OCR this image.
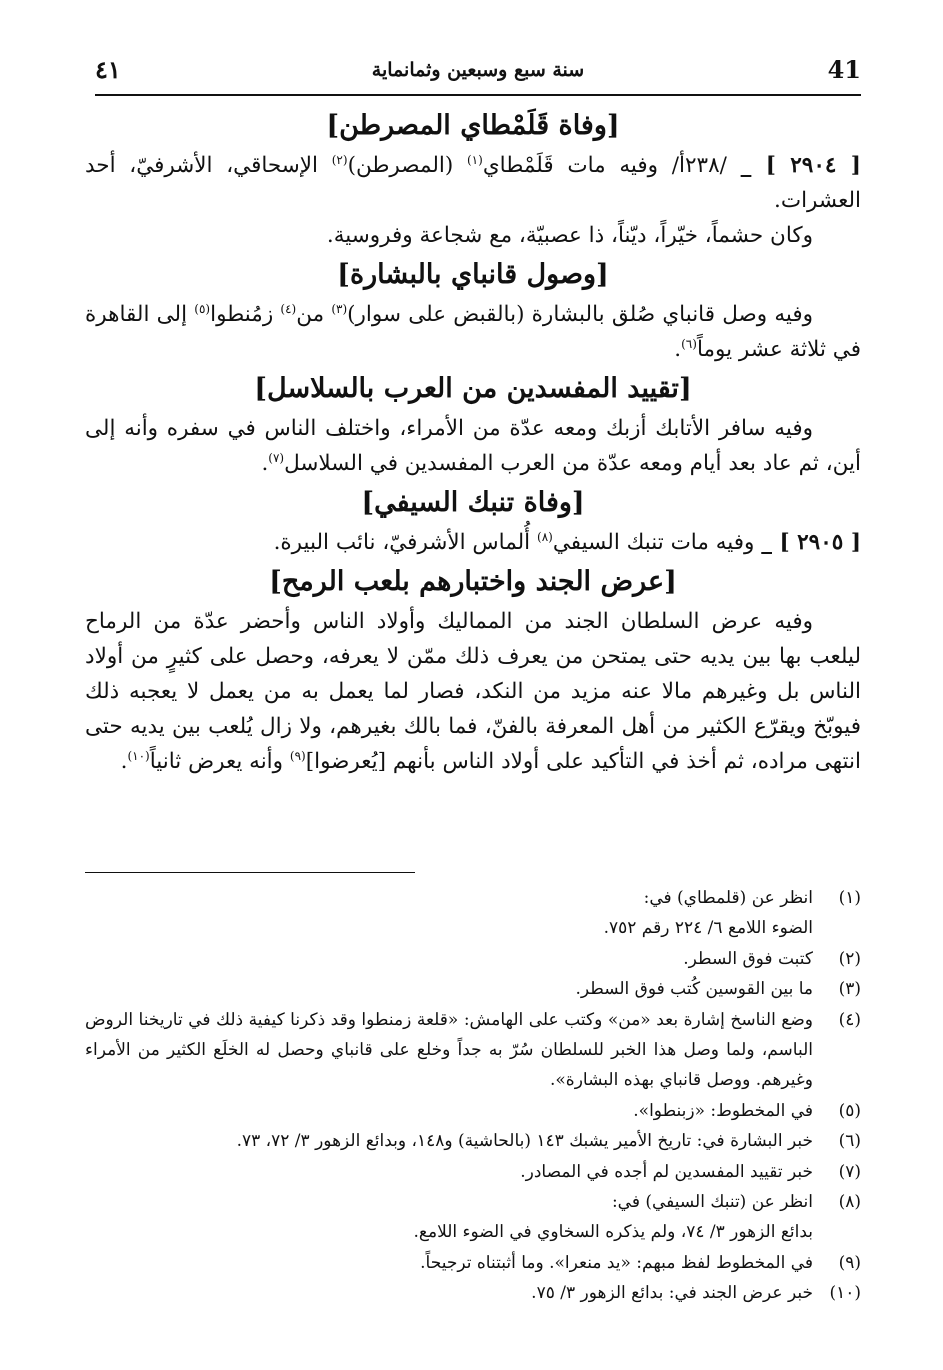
41
سنة سبع وسبعين وثمانماية
٤١
[وفاة قَلَمْطاي المصرطن]

[ ٢٩٠٤ ] _ /٢٣٨أ/ وفيه مات قَلَمْطاي$^{(١)}$ (المصرطن)$^{(٢)}$ الإسحاقي، الأشرفيّ، أحد العشرات.

وكان حشماً، خيّراً، ديّناً، ذا عصبيّة، مع شجاعة وفروسية.

[وصول قانباي بالبشارة]

وفيه وصل قانباي صُلق بالبشارة (بالقبض على سوار)$^{(٣)}$ من$^{(٤)}$ زمُنطوا$^{(٥)}$ إلى القاهرة في ثلاثة عشر يوماً$^{(٦)}$.

[تقييد المفسدين من العرب بالسلاسل]

وفيه سافر الأتابك أزبك ومعه عدّة من الأمراء، واختلف الناس في سفره وأنه إلى أين، ثم عاد بعد أيام ومعه عدّة من العرب المفسدين في السلاسل$^{(٧)}$.

[وفاة تنبك السيفي]

[ ٢٩٠٥ ] _ وفيه مات تنبك السيفي$^{(٨)}$ أُلماس الأشرفيّ، نائب البيرة.

[عرض الجند واختبارهم بلعب الرمح]

وفيه عرض السلطان الجند من المماليك وأولاد الناس وأحضر عدّة من الرماح ليلعب بها بين يديه حتى يمتحن من يعرف ذلك ممّن لا يعرفه، وحصل على كثيرٍ من أولاد الناس بل وغيرهم مالا عنه مزيد من النكد، فصار لما يعمل به من يعمل لا يعجبه ذلك فيوبّخ ويقرّع الكثير من أهل المعرفة بالفنّ، فما بالك بغيرهم، ولا زال يُلعب بين يديه حتى انتهى مراده، ثم أخذ في التأكيد على أولاد الناس بأنهم [يُعرضوا]$^{(٩)}$ وأنه يعرض ثانياً$^{(١٠)}$.

(١)
انظر عن (قلمطاي) في:
الضوء اللامع ٦/ ٢٢٤ رقم ٧٥٢.
(٢)
كتبت فوق السطر.
(٣)
ما بين القوسين كُتب فوق السطر.
(٤)
وضع الناسخ إشارة بعد «من» وكتب على الهامش: «قلعة زمنطوا وقد ذكرنا كيفية ذلك في تاريخنا الروض الباسم، ولما وصل هذا الخبر للسلطان سُرّ به جداً وخلع على قانباي وحصل له الخلَع الكثير من الأمراء وغيرهم. ووصل قانباي بهذه البشارة».
(٥)
في المخطوط: «زبنطوا».
(٦)
خبر البشارة في: تاريخ الأمير يشبك ١٤٣ (بالحاشية) و١٤٨، وبدائع الزهور ٣/ ٧٢، ٧٣.
(٧)
خبر تقييد المفسدين لم أجده في المصادر.
(٨)
انظر عن (تنبك السيفي) في:
بدائع الزهور ٣/ ٧٤، ولم يذكره السخاوي في الضوء اللامع.
(٩)
في المخطوط لفظ مبهم: «يد منعرا». وما أثبتناه ترجيحاً.
(١٠)
خبر عرض الجند في: بدائع الزهور ٣/ ٧٥.
